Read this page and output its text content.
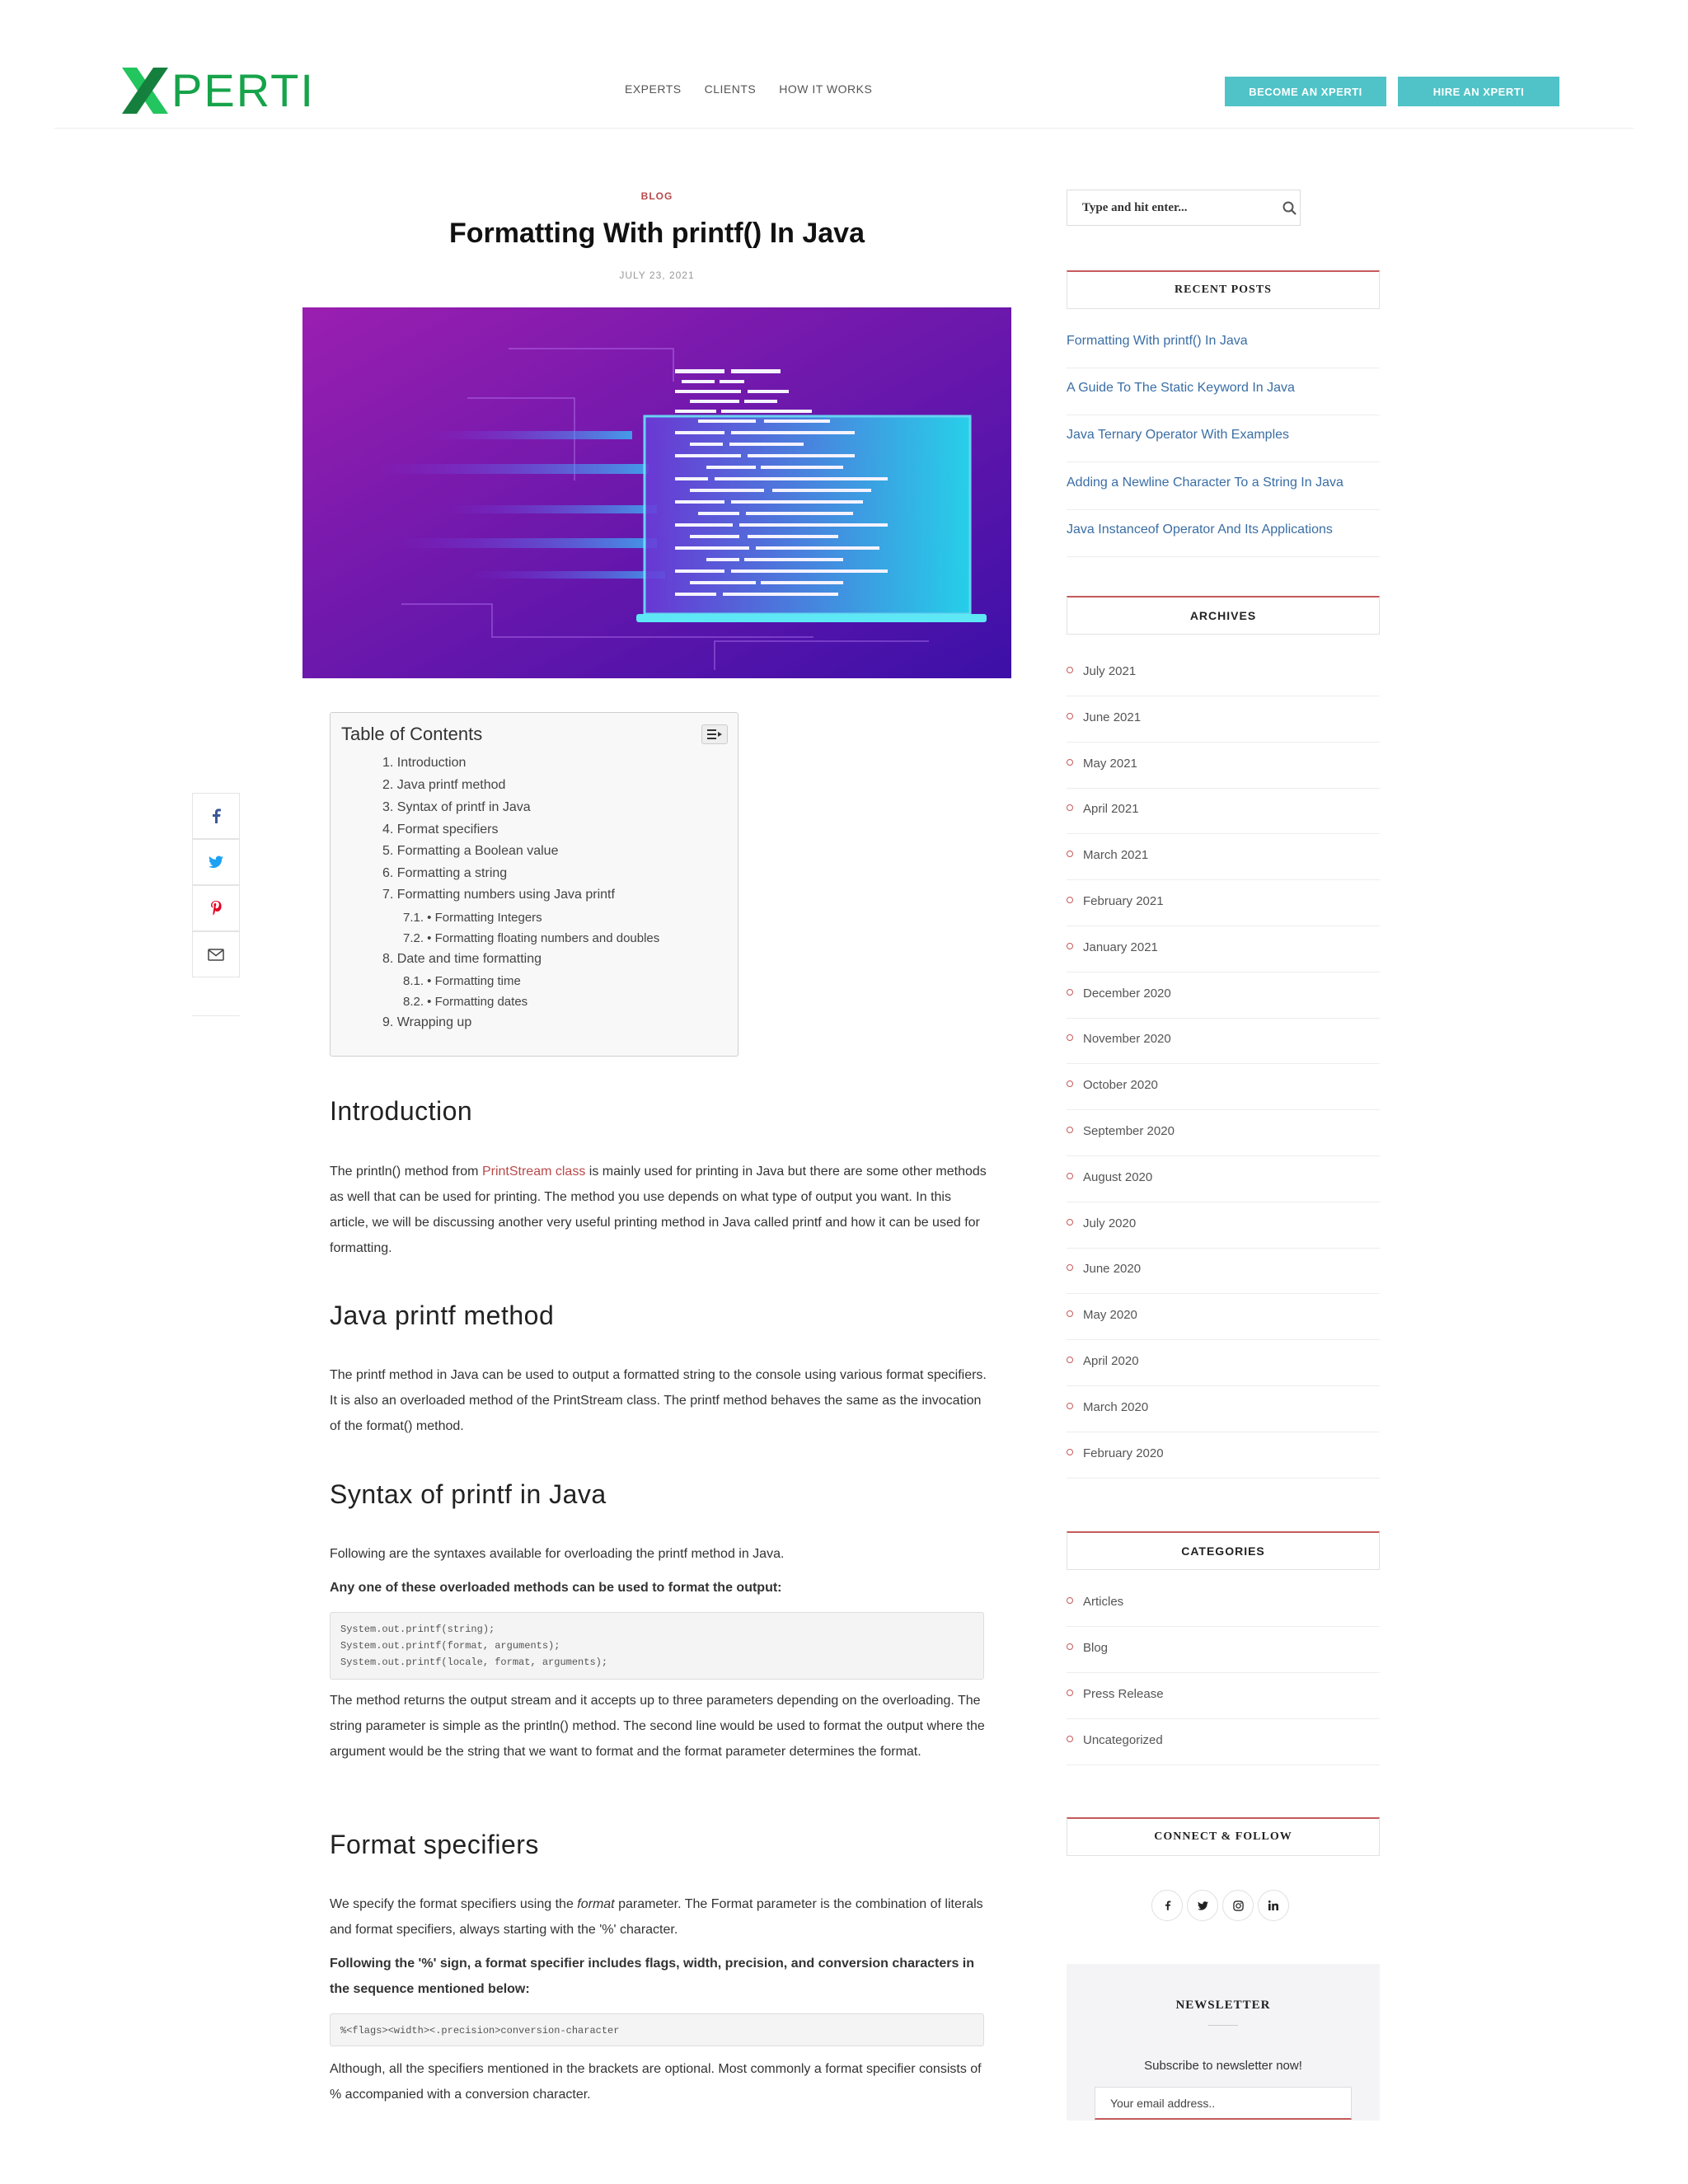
PERTI	EXPERTS CLIENTS HOW IT WORKS	BECOME AN XPERTI	HIRE AN XPERTI
BLOG
Formatting With printf() In Java
JULY 23, 2021
Table of Contents
1. Introduction
2. Java printf method
3. Syntax of printf in Java
4. Format specifiers
5. Formatting a Boolean value
6. Formatting a string
7. Formatting numbers using Java printf
7.1. • Formatting Integers
7.2. • Formatting floating numbers and doubles
8. Date and time formatting
8.1. • Formatting time
8.2. • Formatting dates
9. Wrapping up
Introduction
The println() method from PrintStream class is mainly used for printing in Java but there are some other methods as well that can be used for printing. The method you use depends on what type of output you want. In this article, we will be discussing another very useful printing method in Java called printf and how it can be used for formatting.
Java printf method
The printf method in Java can be used to output a formatted string to the console using various format specifiers. It is also an overloaded method of the PrintStream class. The printf method behaves the same as the invocation of the format() method.
Syntax of printf in Java
Following are the syntaxes available for overloading the printf method in Java.
Any one of these overloaded methods can be used to format the output:
System.out.printf(string);
System.out.printf(format, arguments);
System.out.printf(locale, format, arguments);
The method returns the output stream and it accepts up to three parameters depending on the overloading. The string parameter is simple as the println() method. The second line would be used to format the output where the argument would be the string that we want to format and the format parameter determines the format.
Format specifiers
We specify the format specifiers using the format parameter. The Format parameter is the combination of literals and format specifiers, always starting with the '%' character.
Following the '%' sign, a format specifier includes flags, width, precision, and conversion characters in the sequence mentioned below:
%<flags><width><.precision>conversion-character
Although, all the specifiers mentioned in the brackets are optional. Most commonly a format specifier consists of % accompanied with a conversion character.
Type and hit enter...
RECENT POSTS
Formatting With printf() In Java
A Guide To The Static Keyword In Java
Java Ternary Operator With Examples
Adding a Newline Character To a String In Java
Java Instanceof Operator And Its Applications
ARCHIVES
July 2021
June 2021
May 2021
April 2021
March 2021
February 2021
January 2021
December 2020
November 2020
October 2020
September 2020
August 2020
July 2020
June 2020
May 2020
April 2020
March 2020
February 2020
CATEGORIES
Articles
Blog
Press Release
Uncategorized
CONNECT & FOLLOW
NEWSLETTER
Subscribe to newsletter now!
Your email address..
